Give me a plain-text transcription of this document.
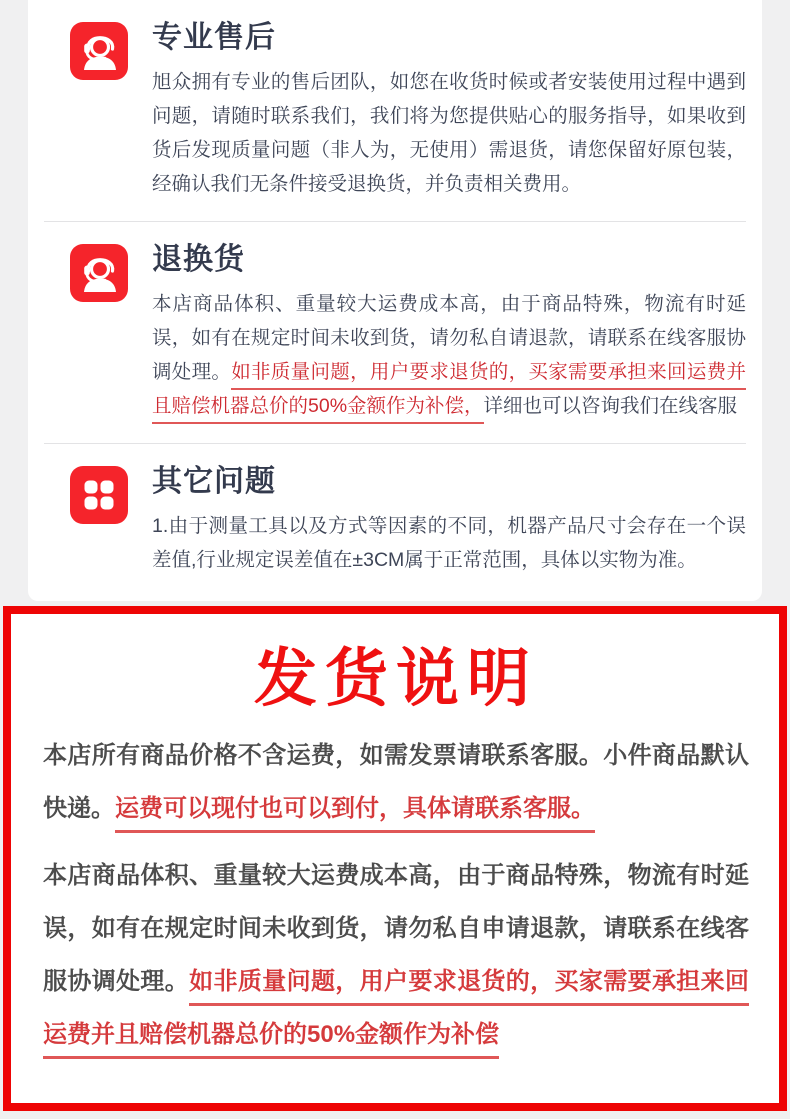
专业售后

旭众拥有专业的售后团队，如您在收货时候或者安装使用过程中遇到问题，请随时联系我们，我们将为您提供贴心的服务指导，如果收到货后发现质量问题（非人为，无使用）需退货，请您保留好原包装，经确认我们无条件接受退换货，并负责相关费用。

退换货

本店商品体积、重量较大运费成本高，由于商品特殊，物流有时延误，如有在规定时间未收到货，请勿私自请退款，请联系在线客服协调处理。如非质量问题，用户要求退货的，买家需要承担来回运费并且赔偿机器总价的50%金额作为补偿，详细也可以咨询我们在线客服

其它问题

1.由于测量工具以及方式等因素的不同，机器产品尺寸会存在一个误差值,行业规定误差值在±3CM属于正常范围，具体以实物为准。

发货说明

本店所有商品价格不含运费，如需发票请联系客服。小件商品默认快递。运费可以现付也可以到付，具体请联系客服。

本店商品体积、重量较大运费成本高，由于商品特殊，物流有时延误，如有在规定时间未收到货，请勿私自申请退款，请联系在线客服协调处理。如非质量问题，用户要求退货的，买家需要承担来回运费并且赔偿机器总价的50%金额作为补偿
